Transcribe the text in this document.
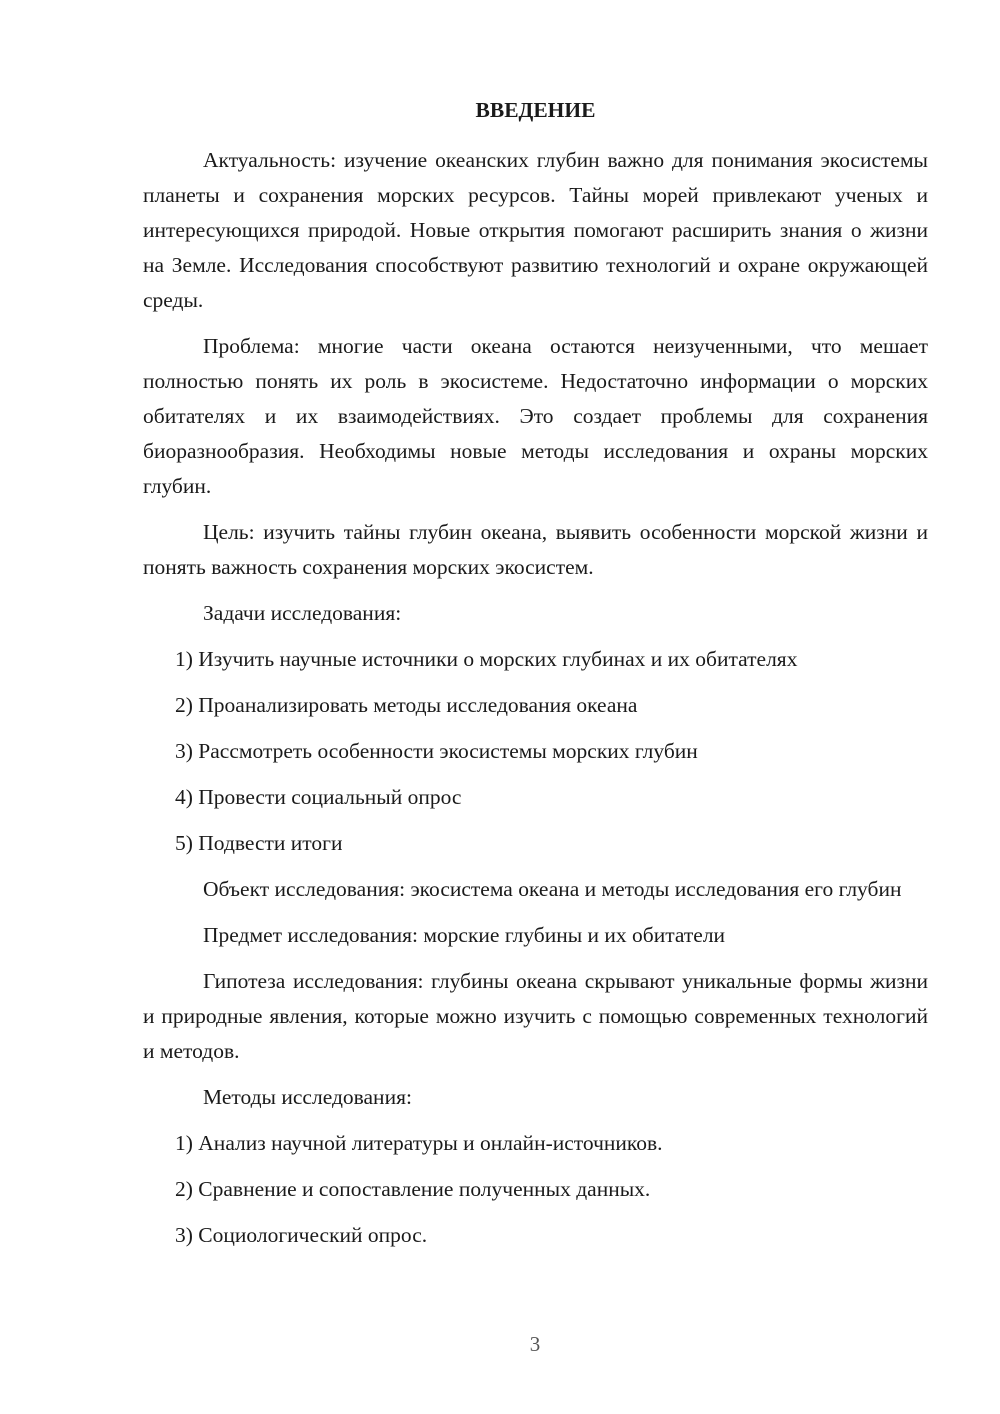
ВВЕДЕНИЕ

Актуальность: изучение океанских глубин важно для понимания экосистемы планеты и сохранения морских ресурсов. Тайны морей привлекают ученых и интересующихся природой. Новые открытия помогают расширить знания о жизни на Земле. Исследования способствуют развитию технологий и охране окружающей среды.

Проблема: многие части океана остаются неизученными, что мешает полностью понять их роль в экосистеме. Недостаточно информации о морских обитателях и их взаимодействиях. Это создает проблемы для сохранения биоразнообразия. Необходимы новые методы исследования и охраны морских глубин.

Цель: изучить тайны глубин океана, выявить особенности морской жизни и понять важность сохранения морских экосистем.

Задачи исследования:
1) Изучить научные источники о морских глубинах и их обитателях
2) Проанализировать методы исследования океана
3) Рассмотреть особенности экосистемы морских глубин
4) Провести социальный опрос
5) Подвести итоги

Объект исследования: экосистема океана и методы исследования его глубин

Предмет исследования: морские глубины и их обитатели

Гипотеза исследования: глубины океана скрывают уникальные формы жизни и природные явления, которые можно изучить с помощью современных технологий и методов.

Методы исследования:
1) Анализ научной литературы и онлайн-источников.
2) Сравнение и сопоставление полученных данных.
3) Социологический опрос.
3
